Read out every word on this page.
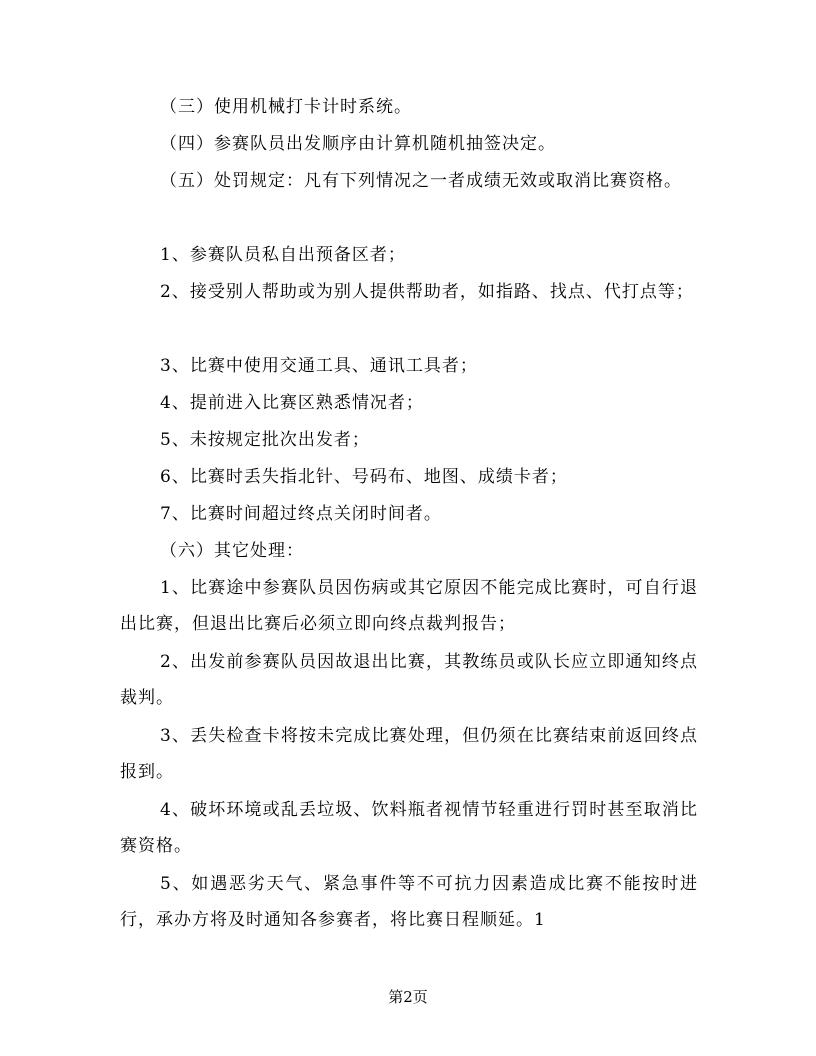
（三）使用机械打卡计时系统。

（四）参赛队员出发顺序由计算机随机抽签决定。

（五）处罚规定：凡有下列情况之一者成绩无效或取消比赛资格。

1、参赛队员私自出预备区者；

2、接受别人帮助或为别人提供帮助者，如指路、找点、代打点等；

3、比赛中使用交通工具、通讯工具者；

4、提前进入比赛区熟悉情况者；

5、未按规定批次出发者；

6、比赛时丢失指北针、号码布、地图、成绩卡者；

7、比赛时间超过终点关闭时间者。

（六）其它处理：

1、比赛途中参赛队员因伤病或其它原因不能完成比赛时，可自行退出比赛，但退出比赛后必须立即向终点裁判报告；

2、出发前参赛队员因故退出比赛，其教练员或队长应立即通知终点裁判。

3、丢失检查卡将按未完成比赛处理，但仍须在比赛结束前返回终点报到。

4、破坏环境或乱丢垃圾、饮料瓶者视情节轻重进行罚时甚至取消比赛资格。

5、如遇恶劣天气、紧急事件等不可抗力因素造成比赛不能按时进行，承办方将及时通知各参赛者，将比赛日程顺延。1

第2页
